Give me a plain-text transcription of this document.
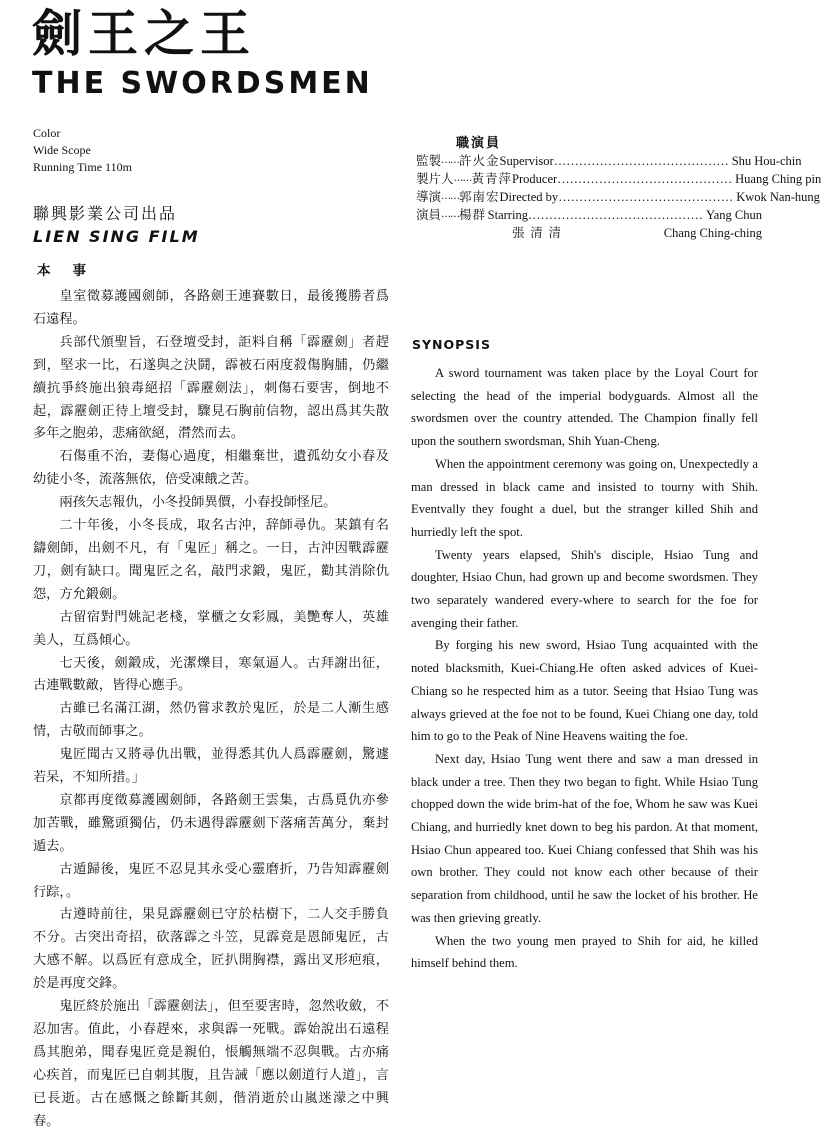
劍王之王
THE SWORDSMEN
Color
Wide Scope
Running Time 110m
聯興影業公司出品
LIEN SING FILM
職演員
監製 …… 許火金 Supervisor…………………………………… Shu Hou-chin
製片人 …… 黃青萍 Producer…………………………………… Huang Ching pin
導演 …… 郭南宏 Directed by…………………………………… Kwok Nan-hung
演員 …… 楊群 Starring…………………………………… Yang Chun
張清清	Chang Ching-ching
本事

皇室徵募護國劍師，各路劍王連賽數日，最後獲勝者爲石遠程。

兵部代頒聖旨，石登壇受封，詎料自稱「霹靂劍」者趕到，堅求一比，石遂與之決鬪，霹被石兩度殺傷胸脯，仍繼續抗爭終施出狼毒絕招「霹靂劍法」，刺傷石要害，倒地不起，霹靂劍正待上壇受封，驟見石胸前信物，認出爲其失散多年之胞弟，悲痛欲絕，潸然而去。

石傷重不治，妻傷心過度，相繼棄世，遺孤幼女小春及幼徒小冬，流落無依，倍受凍餓之苦。

兩孩矢志報仇，小冬投師異價，小春投師怪尼。

二十年後，小冬長成，取名古沖，辞師尋仇。某鎮有名鑄劍師，出劍不凡，有「鬼匠」稱之。一日，古沖因戰霹靂刀，劍有缺口。聞鬼匠之名，敲門求鍛，鬼匠，勸其消除仇怨，方允鍛劍。

古留宿對門姚記老棧，掌櫃之女彩鳳，美艷奪人，英雄美人，互爲傾心。

七天後，劍鍛成，光潔爍目，寒氣逼人。古拜謝出征，古連戰數敵，皆得心應手。

古雖已名滿江湖，然仍嘗求教於鬼匠，於是二人漸生感情，古敬而師事之。

鬼匠聞古又將尋仇出戰，並得悉其仇人爲霹靂劍，驚遽若呆，不知所措。」

京都再度徵募護國劍師，各路劍王雲集，古爲覓仇亦參加苦戰，雖驚頭獨佔，仍未遇得霹靂劍下落痛苦萬分，棄封遁去。

古遁歸後，鬼匠不忍見其永受心靈磨折，乃告知霹靂劍行踪，。

古遵時前往，果見霹靂劍已守於枯樹下，二人交手勝負不分。古突出奇招，砍落霹之斗笠，見霹竟是恩師鬼匠，古大感不解。以爲匠有意成全，匠扒開胸襟，露出叉形疤痕，於是再度交鋒。

鬼匠終於施出「霹靂劍法」，但至要害時，忽然收斂，不忍加害。值此，小春趕來，求與霹一死戰。霹始說出石遠程爲其胞弟，聞春鬼匠竟是親伯，悵觸無端不忍與戰。古亦痛心疾首，而鬼匠已自刺其腹，且告誡「應以劍道行人道」，言已長逝。古在感慨之餘斷其劍，偕消逝於山嵐迷濛之中興春。

SYNOPSIS

A sword tournament was taken place by the Loyal Court for selecting the head of the imperial bodyguards. Almost all the swordsmen over the country attended. The Champion finally fell upon the southern swordsman, Shih Yuan-Cheng.

When the appointment ceremony was going on, Unexpectedly a man dressed in black came and insisted to tourny with Shih. Eventvally they fought a duel, but the stranger killed Shih and hurriedly left the spot.

Twenty years elapsed, Shih's disciple, Hsiao Tung and doughter, Hsiao Chun, had grown up and become swordsmen. They two separately wandered every-where to search for the foe for avenging their father.

By forging his new sword, Hsiao Tung acquainted with the noted blacksmith, Kuei-Chiang.He often asked advices of Kuei-Chiang so he respected him as a tutor. Seeing that Hsiao Tung was always grieved at the foe not to be found, Kuei Chiang one day, told him to go to the Peak of Nine Heavens waiting the foe.

Next day, Hsiao Tung went there and saw a man dressed in black under a tree. Then they two began to fight. While Hsiao Tung chopped down the wide brim-hat of the foe, Whom he saw was Kuei Chiang, and hurriedly knet down to beg his pardon. At that moment, Hsiao Chun appeared too. Kuei Chiang confessed that Shih was his own brother. They could not know each other because of their separation from childhood, until he saw the locket of his brother. He was then grieving greatly.

When the two young men prayed to Shih for aid, he killed himself behind them.
